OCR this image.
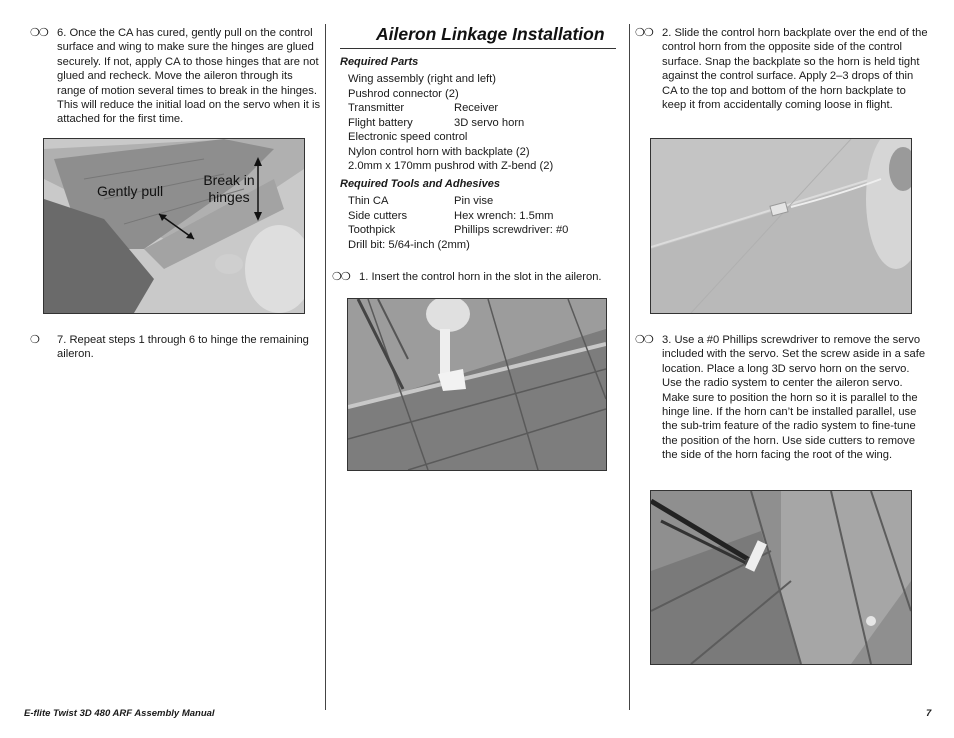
❍❍ 6. Once the CA has cured, gently pull on the control surface and wing to make sure the hinges are glued securely. If not, apply CA to those hinges that are not glued and recheck. Move the aileron through its range of motion several times to break in the hinges. This will reduce the initial load on the servo when it is attached for the first time.
Gently pull
Break in hinges
❍ 7. Repeat steps 1 through 6 to hinge the remaining aileron.
Aileron Linkage Installation
Required Parts
Wing assembly (right and left)
Pushrod connector (2)
Transmitter	Receiver
Flight battery	3D servo horn
Electronic speed control
Nylon control horn with backplate (2)
2.0mm x 170mm pushrod with Z-bend (2)
Required Tools and Adhesives
Thin CA	Pin vise
Side cutters	Hex wrench: 1.5mm
Toothpick	Phillips screwdriver: #0
Drill bit: 5/64-inch (2mm)
❍❍ 1. Insert the control horn in the slot in the aileron.
❍❍ 2. Slide the control horn backplate over the end of the control horn from the opposite side of the control surface. Snap the backplate so the horn is held tight against the control surface. Apply 2–3 drops of thin CA to the top and bottom of the horn backplate to keep it from accidentally coming loose in flight.
❍❍ 3. Use a #0 Phillips screwdriver to remove the servo included with the servo. Set the screw aside in a safe location. Place a long 3D servo horn on the servo. Use the radio system to center the aileron servo. Make sure to position the horn so it is parallel to the hinge line. If the horn can’t be installed parallel, use the sub-trim feature of the radio system to fine-tune the position of the horn. Use side cutters to remove the side of the horn facing the root of the wing.
E-flite Twist 3D 480 ARF Assembly Manual	7
